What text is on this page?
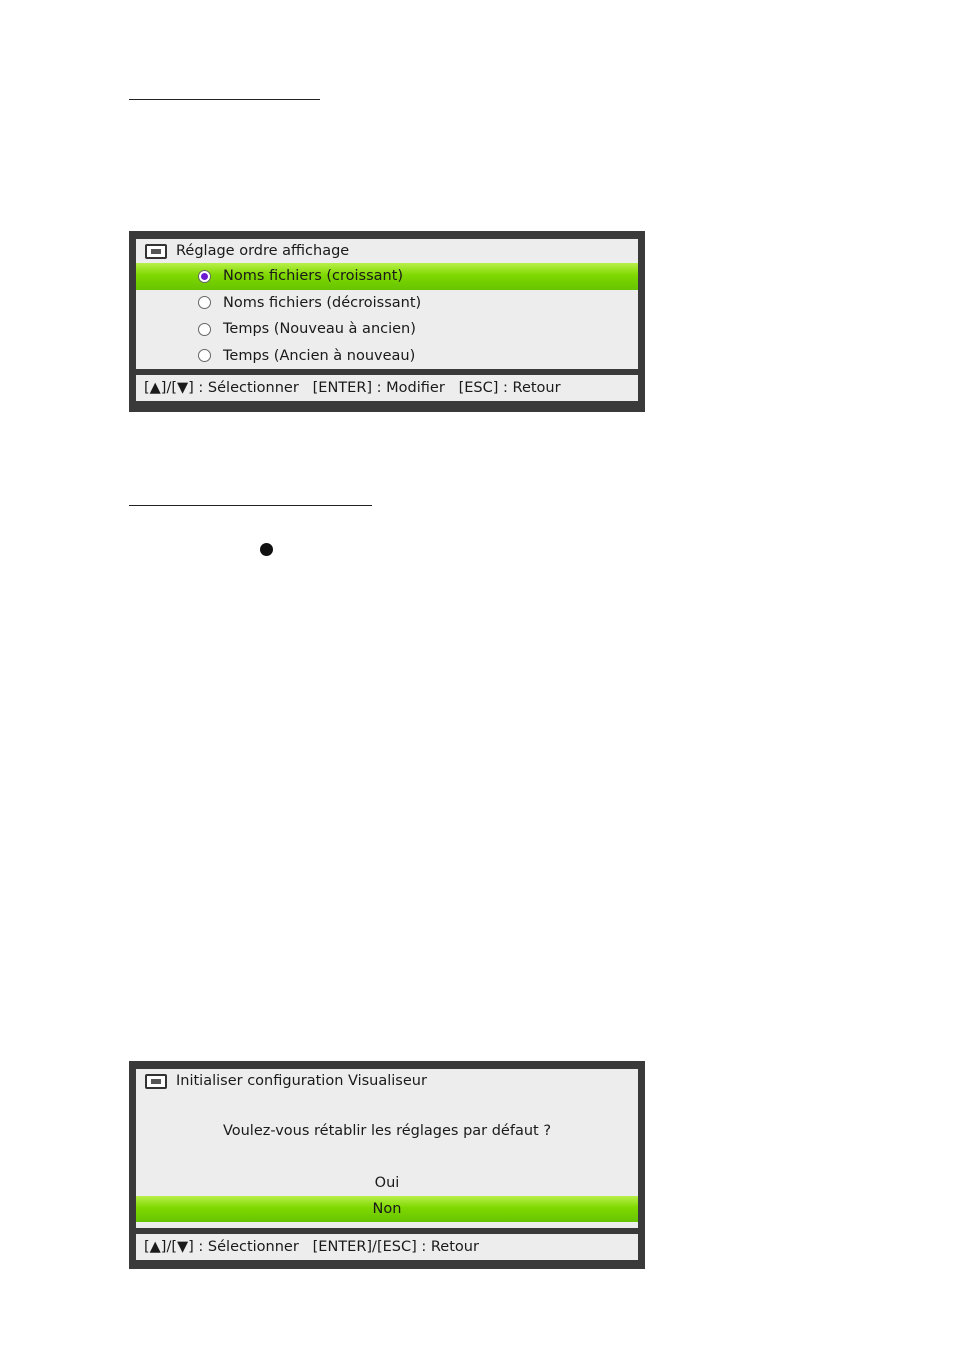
Réglage ordre affichage
Noms fichiers (croissant)
Noms fichiers (décroissant)
Temps (Nouveau à ancien)
Temps (Ancien à nouveau)
[▲]/[▼] : Sélectionner   [ENTER] : Modifier   [ESC] : Retour
Initialiser configuration Visualiseur
Voulez-vous rétablir les réglages par défaut ?
Oui
Non
[▲]/[▼] : Sélectionner   [ENTER]/[ESC] : Retour
